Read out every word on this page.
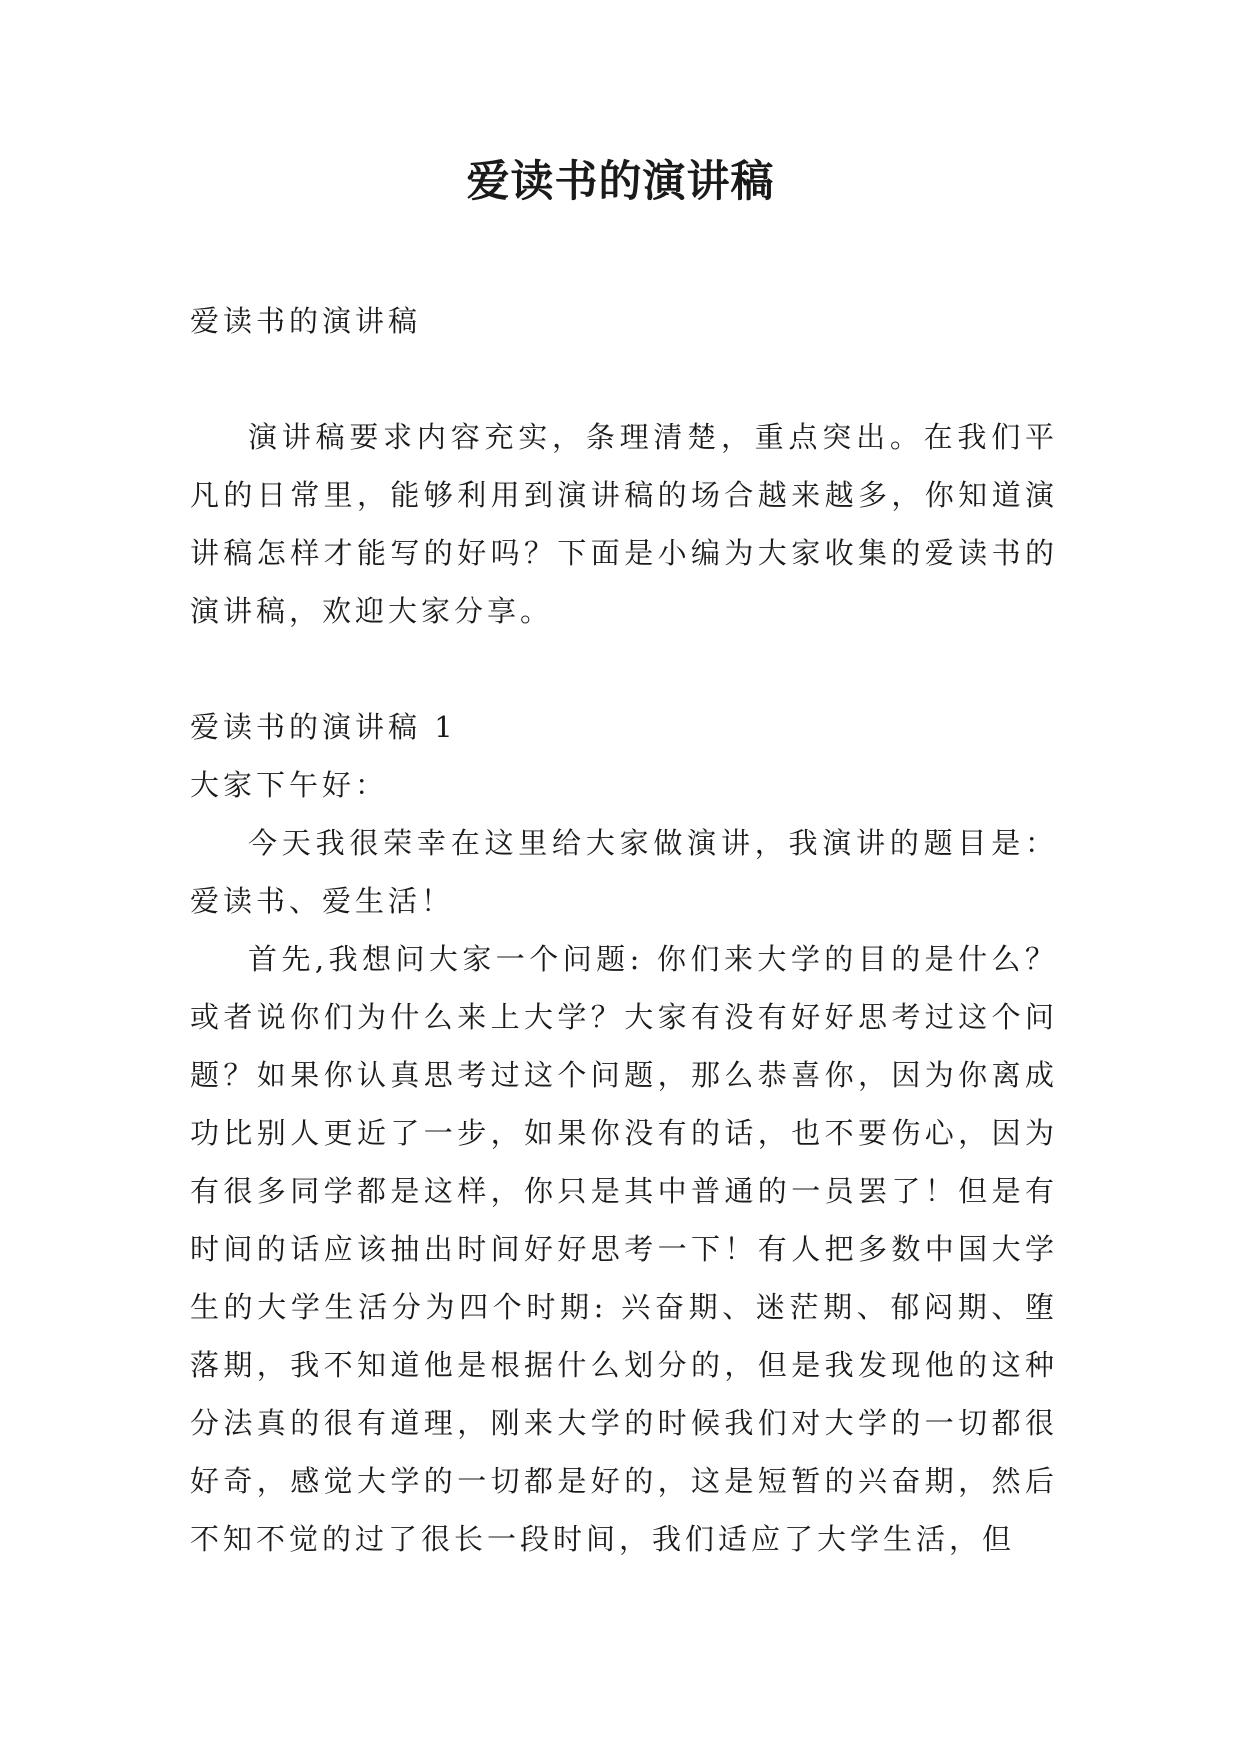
爱读书的演讲稿

爱读书的演讲稿

演讲稿要求内容充实，条理清楚，重点突出。在我们平凡的日常里，能够利用到演讲稿的场合越来越多，你知道演讲稿怎样才能写的好吗？下面是小编为大家收集的爱读书的演讲稿，欢迎大家分享。

爱读书的演讲稿 1

大家下午好：

今天我很荣幸在这里给大家做演讲，我演讲的题目是：爱读书、爱生活！

首先,我想问大家一个问题: 你们来大学的目的是什么？或者说你们为什么来上大学？大家有没有好好思考过这个问题？如果你认真思考过这个问题，那么恭喜你，因为你离成功比别人更近了一步，如果你没有的话，也不要伤心，因为有很多同学都是这样，你只是其中普通的一员罢了！但是有时间的话应该抽出时间好好思考一下！有人把多数中国大学生的大学生活分为四个时期: 兴奋期、迷茫期、郁闷期、堕落期，我不知道他是根据什么划分的，但是我发现他的这种分法真的很有道理，刚来大学的时候我们对大学的一切都很好奇，感觉大学的一切都是好的，这是短暂的兴奋期，然后不知不觉的过了很长一段时间，我们适应了大学生活，但
